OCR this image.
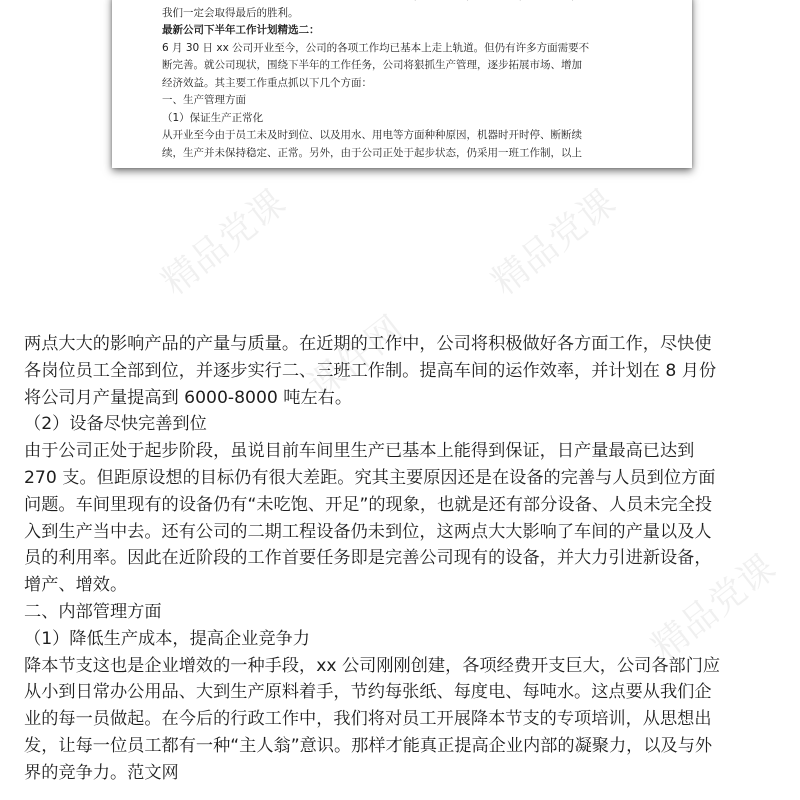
精品党课	精品党课
课件网
精品党课
我们一定会取得最后的胜利。
最新公司下半年工作计划精选二：
6 月 30 日 xx 公司开业至今，公司的各项工作均已基本上走上轨道。但仍有许多方面需要不
断完善。就公司现状，围绕下半年的工作任务，公司将狠抓生产管理，逐步拓展市场、增加
经济效益。其主要工作重点抓以下几个方面：
一、生产管理方面
（1）保证生产正常化
从开业至今由于员工未及时到位、以及用水、用电等方面种种原因，机器时开时停、断断续
续，生产并未保持稳定、正常。另外，由于公司正处于起步状态，仍采用一班工作制，以上
两点大大的影响产品的产量与质量。在近期的工作中，公司将积极做好各方面工作，尽快使
各岗位员工全部到位，并逐步实行二、三班工作制。提高车间的运作效率，并计划在 8 月份
将公司月产量提高到 6000-8000 吨左右。
（2）设备尽快完善到位
由于公司正处于起步阶段，虽说目前车间里生产已基本上能得到保证，日产量最高已达到
270 支。但距原设想的目标仍有很大差距。究其主要原因还是在设备的完善与人员到位方面
问题。车间里现有的设备仍有“未吃饱、开足”的现象，也就是还有部分设备、人员未完全投
入到生产当中去。还有公司的二期工程设备仍未到位，这两点大大影响了车间的产量以及人
员的利用率。因此在近阶段的工作首要任务即是完善公司现有的设备，并大力引进新设备，
增产、增效。
二、内部管理方面
（1）降低生产成本，提高企业竞争力
降本节支这也是企业增效的一种手段，xx 公司刚刚创建，各项经费开支巨大，公司各部门应
从小到日常办公用品、大到生产原料着手，节约每张纸、每度电、每吨水。这点要从我们企
业的每一员做起。在今后的行政工作中，我们将对员工开展降本节支的专项培训，从思想出
发，让每一位员工都有一种“主人翁”意识。那样才能真正提高企业内部的凝聚力，以及与外
界的竞争力。范文网
